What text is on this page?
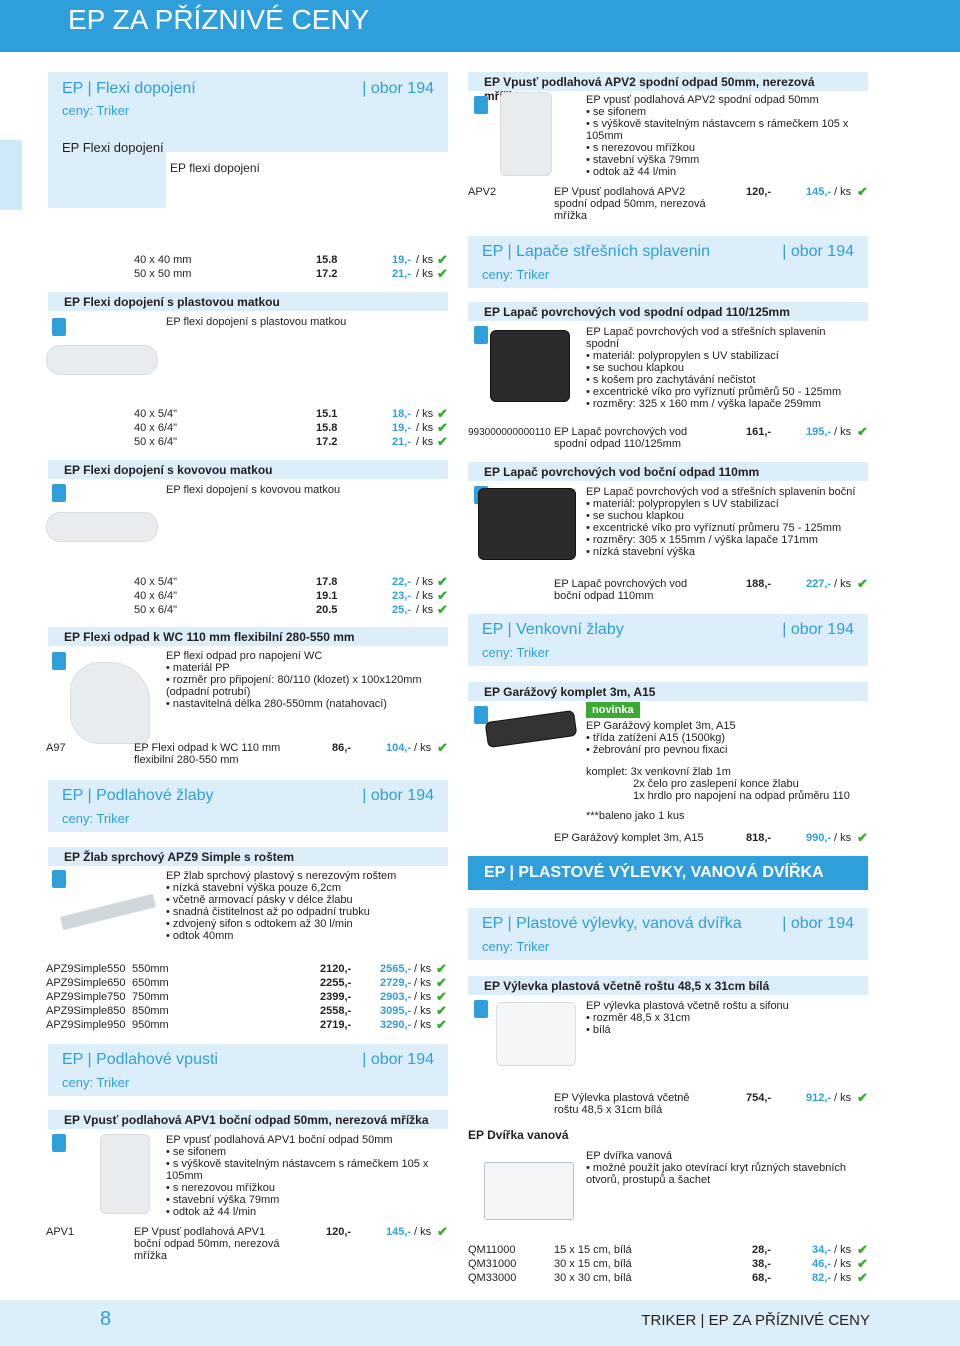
EP ZA PŘÍZNIVÉ CENY
EP | Flexi dopojení	| obor 194
ceny: Triker
EP Flexi dopojení
EP flexi dopojení
40 x 40 mm	15.8	19,- / ks ✔
50 x 50 mm	17.2	21,- / ks ✔
EP Flexi dopojení s plastovou matkou
EP flexi dopojení s plastovou matkou
40 x 5/4"	15.1	18,- / ks ✔
40 x 6/4"	15.8	19,- / ks ✔
50 x 6/4"	17.2	21,- / ks ✔
EP Flexi dopojení s kovovou matkou
EP flexi dopojení s kovovou matkou
40 x 5/4"	17.8	22,- / ks ✔
40 x 6/4"	19.1	23,- / ks ✔
50 x 6/4"	20.5	25,- / ks ✔
EP Flexi odpad k WC 110 mm flexibilní 280-550 mm
EP flexi odpad pro napojení WC
• materiál PP
• rozměr pro připojení: 80/110 (klozet) x 100x120mm
(odpadní potrubí)
• nastavitelná délka 280-550mm (natahovací)
A97	EP Flexi odpad k WC 110 mm
flexibilní 280-550 mm
86,-	104,- / ks ✔
EP | Podlahové žlaby	| obor 194
ceny: Triker
EP Žlab sprchový APZ9 Simple s roštem
EP žlab sprchový plastový s nerezovým roštem
• nízká stavební výška pouze 6,2cm
• včetně armovací pásky v délce žlabu
• snadná čistitelnost až po odpadní trubku
• zdvojený sifon s odtokem až 30 l/min
• odtok 40mm
APZ9Simple550 550mm	2120,-	2565,- / ks ✔
APZ9Simple650 650mm	2255,-	2729,- / ks ✔
APZ9Simple750 750mm	2399,-	2903,- / ks ✔
APZ9Simple850 850mm	2558,-	3095,- / ks ✔
APZ9Simple950 950mm	2719,-	3290,- / ks ✔
EP | Podlahové vpusti	| obor 194
ceny: Triker
EP Vpusť podlahová APV1 boční odpad 50mm, nerezová mřížka
EP vpusť podlahová APV1 boční odpad 50mm
• se sifonem
• s výškově stavitelným nástavcem s rámečkem 105 x
105mm
• s nerezovou mřížkou
• stavební výška 79mm
• odtok až 44 l/min
APV1	EP Vpusť podlahová APV1
boční odpad 50mm, nerezová
mřížka
120,-	145,- / ks ✔
EP Vpusť podlahová APV2 spodní odpad 50mm, nerezová
EP vpusť podlahová APV2 spodní odpad 50mm
• se sifonem
• s výškově stavitelným nástavcem s rámečkem 105 x
105mm
• s nerezovou mřížkou
• stavební výška 79mm
• odtok až 44 l/min
APV2	EP Vpusť podlahová APV2
spodní odpad 50mm, nerezová
mřížka
120,-	145,- / ks ✔
EP | Lapače střešních splavenin	| obor 194
ceny: Triker
EP Lapač povrchových vod spodní odpad 110/125mm
EP Lapač povrchových vod a střešních splavenin
spodní
• materiál: polypropylen s UV stabilizací
• se suchou klapkou
• s košem pro zachytávání nečistot
• excentrické víko pro vyříznutí průměrů 50 - 125mm
• rozměry: 325 x 160 mm / výška lapače 259mm
993000000000110 EP Lapač povrchových vod
spodní odpad 110/125mm
161,-	195,- / ks ✔
EP Lapač povrchových vod boční odpad 110mm
EP Lapač povrchových vod a střešních splavenin boční
• materiál: polypropylen s UV stabilizací
• se suchou klapkou
• excentrické víko pro vyříznutí průmeru 75 - 125mm
• rozměry: 305 x 155mm / výška lapače 171mm
• nízká stavební výška
EP Lapač povrchových vod
boční odpad 110mm
188,-	227,- / ks ✔
EP | Venkovní žlaby	| obor 194
ceny: Triker
EP Garážový komplet 3m, A15
novinka
EP Garážový komplet 3m, A15
• třída zatížení A15 (1500kg)
• žebrování pro pevnou fixaci
komplet: 3x venkovní žlab 1m
2x čelo pro zaslepení konce žlabu
1x hrdlo pro napojení na odpad průměru 110
***baleno jako 1 kus
EP Garážový komplet 3m, A15	818,-	990,- / ks ✔
EP | PLASTOVÉ VÝLEVKY, VANOVÁ DVÍŘKA
EP | Plastové výlevky, vanová dvířka	| obor 194
ceny: Triker
EP Výlevka plastová včetně roštu 48,5 x 31cm bílá
EP výlevka plastová včetně roštu a sifonu
• rozměr 48,5 x 31cm
• bílá
EP Výlevka plastová včetně
roštu 48,5 x 31cm bílá
754,-	912,- / ks ✔
EP Dvířka vanová
EP dvířka vanová
• možné použít jako otevírací kryt různých stavebních
otvorů, prostupů a šachet
QM11000	15 x 15 cm, bílá	28,-	34,- / ks ✔
QM31000	30 x 15 cm, bílá	38,-	46,- / ks ✔
QM33000	30 x 30 cm, bílá	68,-	82,- / ks ✔
8	TRIKER | EP ZA PŘÍZNIVÉ CENY
